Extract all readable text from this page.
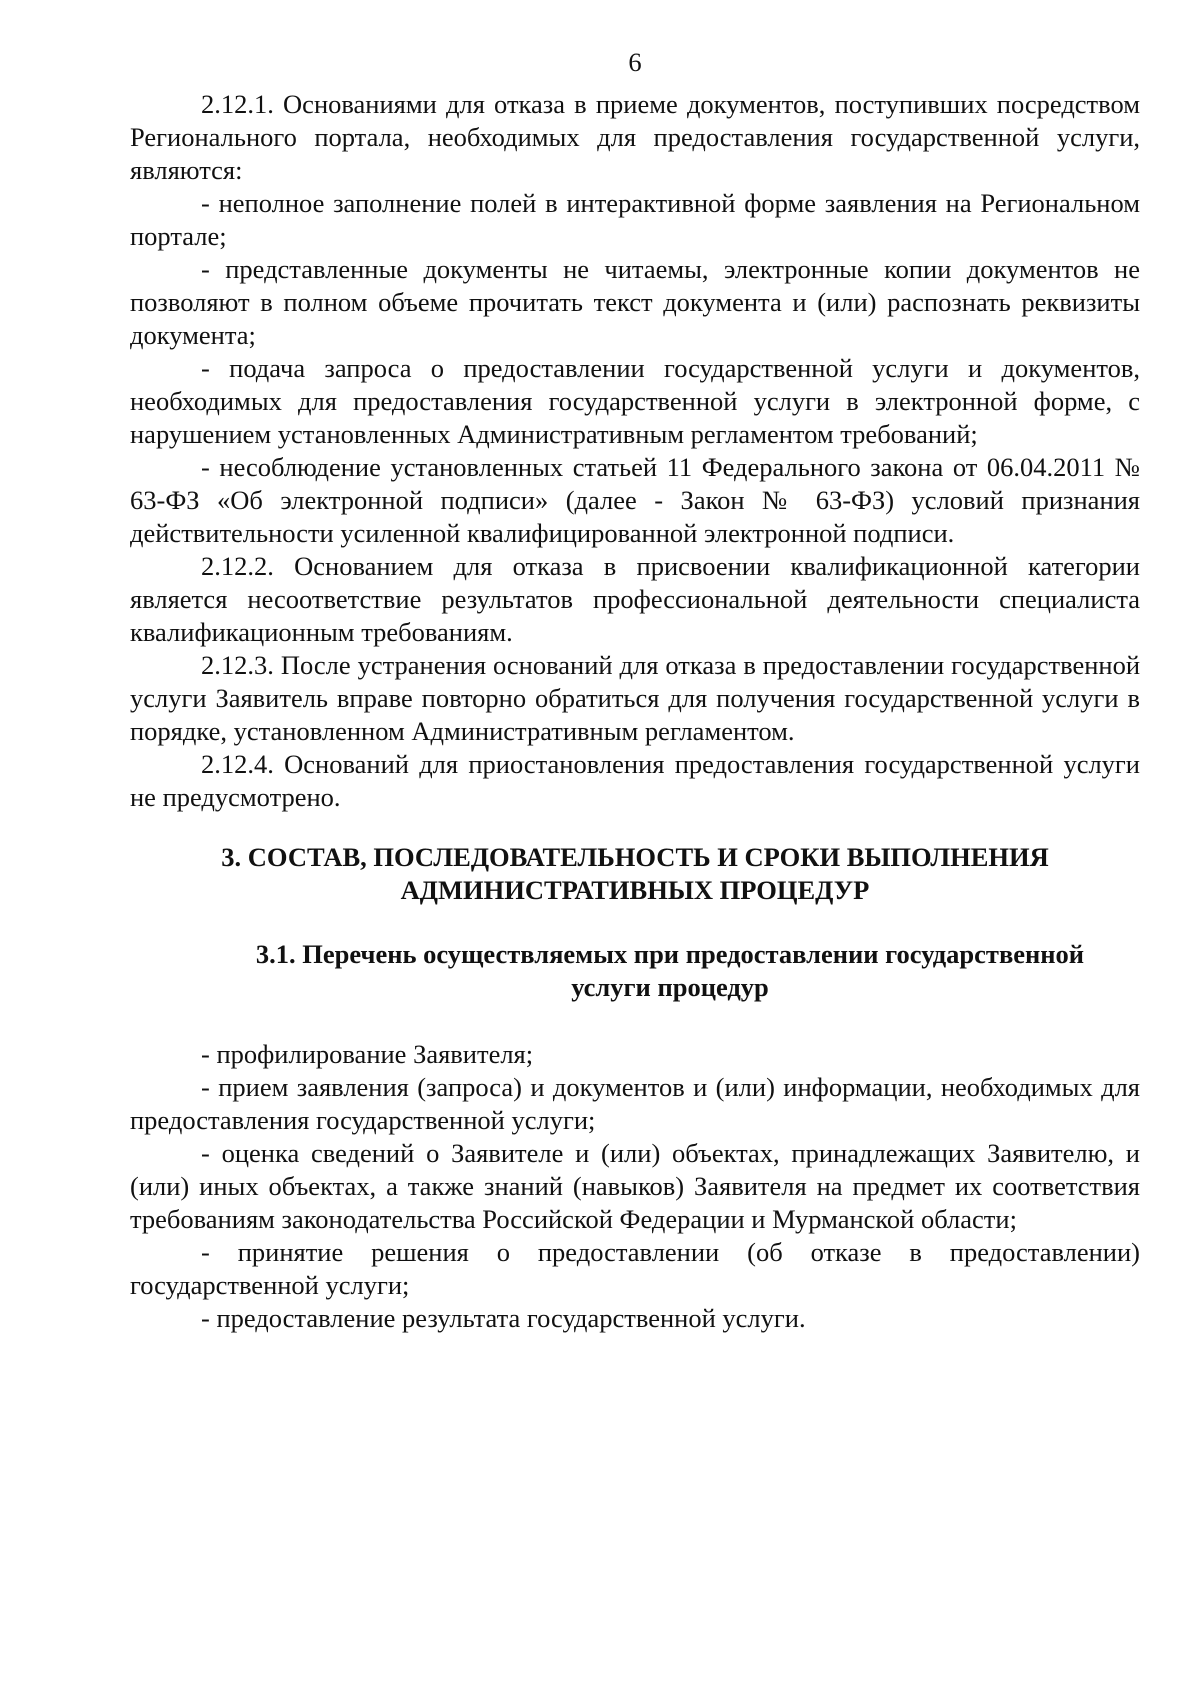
6

2.12.1. Основаниями для отказа в приеме документов, поступивших посредством Регионального портала, необходимых для предоставления государственной услуги, являются:

- неполное заполнение полей в интерактивной форме заявления на Региональном портале;

- представленные документы не читаемы, электронные копии документов не позволяют в полном объеме прочитать текст документа и (или) распознать реквизиты документа;

- подача запроса о предоставлении государственной услуги и документов, необходимых для предоставления государственной услуги в электронной форме, с нарушением установленных Административным регламентом требований;

- несоблюдение установленных статьей 11 Федерального закона от 06.04.2011 № 63-ФЗ «Об электронной подписи» (далее - Закон № 63-ФЗ) условий признания действительности усиленной квалифицированной электронной подписи.

2.12.2. Основанием для отказа в присвоении квалификационной категории является несоответствие результатов профессиональной деятельности специалиста квалификационным требованиям.

2.12.3. После устранения оснований для отказа в предоставлении государственной услуги Заявитель вправе повторно обратиться для получения государственной услуги в порядке, установленном Административным регламентом.

2.12.4. Оснований для приостановления предоставления государственной услуги не предусмотрено.

3. СОСТАВ, ПОСЛЕДОВАТЕЛЬНОСТЬ И СРОКИ ВЫПОЛНЕНИЯ
АДМИНИСТРАТИВНЫХ ПРОЦЕДУР
3.1. Перечень осуществляемых при предоставлении государственной
услуги процедур

- профилирование Заявителя;

- прием заявления (запроса) и документов и (или) информации, необходимых для предоставления государственной услуги;

- оценка сведений о Заявителе и (или) объектах, принадлежащих Заявителю, и (или) иных объектах, а также знаний (навыков) Заявителя на предмет их соответствия требованиям законодательства Российской Федерации и Мурманской области;

- принятие решения о предоставлении (об отказе в предоставлении) государственной услуги;

- предоставление результата государственной услуги.
